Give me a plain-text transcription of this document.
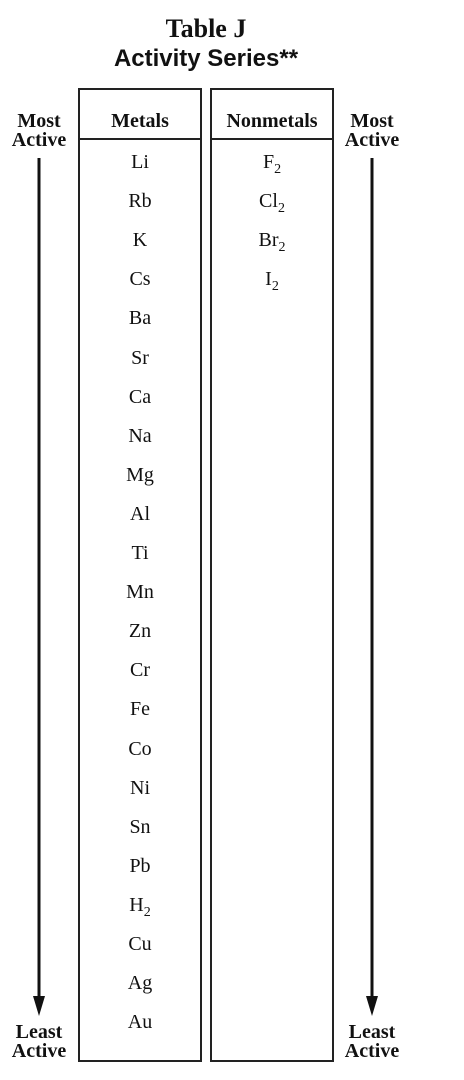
Table J
Activity Series**
Most
Active
Least
Active
Most
Active
Least
Active
Metals
Li
Rb
K
Cs
Ba
Sr
Ca
Na
Mg
Al
Ti
Mn
Zn
Cr
Fe
Co
Ni
Sn
Pb
$H_2$
Cu
Ag
Au
Nonmetals
$F_2$
$Cl_2$
$Br_2$
$I_2$
